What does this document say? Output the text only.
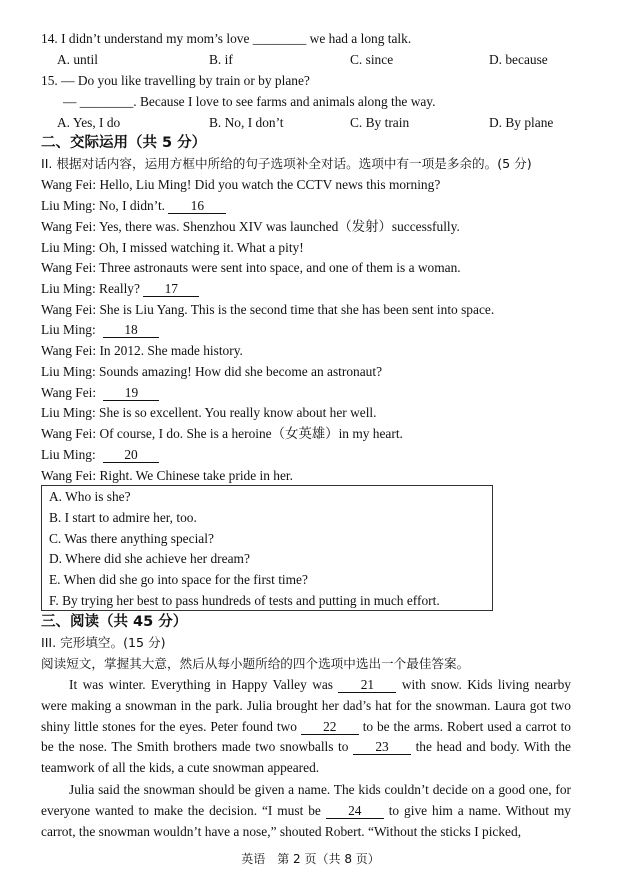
14. I didn’t understand my mom’s love ________ we had a long talk.
A. until	B. if	C. since	D. because
15. — Do you like travelling by train or by plane?
— ________. Because I love to see farms and animals along the way.
A. Yes, I do	B. No, I don’t	C. By train	D. By plane
二、交际运用（共 5 分）
II. 根据对话内容，运用方框中所给的句子选项补全对话。选项中有一项是多余的。(5 分)
Wang Fei: Hello, Liu Ming! Did you watch the CCTV news this morning?
Liu Ming: No, I didn’t. 16
Wang Fei: Yes, there was. Shenzhou XIV was launched（发射）successfully.
Liu Ming: Oh, I missed watching it. What a pity!
Wang Fei: Three astronauts were sent into space, and one of them is a woman.
Liu Ming: Really? 17
Wang Fei: She is Liu Yang. This is the second time that she has been sent into space.
Liu Ming: 18
Wang Fei: In 2012. She made history.
Liu Ming: Sounds amazing! How did she become an astronaut?
Wang Fei: 19
Liu Ming: She is so excellent. You really know about her well.
Wang Fei: Of course, I do. She is a heroine（女英雄）in my heart.
Liu Ming: 20
Wang Fei: Right. We Chinese take pride in her.
A. Who is she?
B. I start to admire her, too.
C. Was there anything special?
D. Where did she achieve her dream?
E. When did she go into space for the first time?
F. By trying her best to pass hundreds of tests and putting in much effort.
三、阅读（共 45 分）
III. 完形填空。(15 分)
阅读短文，掌握其大意，然后从每小题所给的四个选项中选出一个最佳答案。
It was winter. Everything in Happy Valley was 21 with snow. Kids living nearby were making a snowman in the park. Julia brought her dad’s hat for the snowman. Laura got two shiny little stones for the eyes. Peter found two 22 to be the arms. Robert used a carrot to be the nose. The Smith brothers made two snowballs to 23 the head and body. With the teamwork of all the kids, a cute snowman appeared.
Julia said the snowman should be given a name. The kids couldn’t decide on a good one, for everyone wanted to make the decision. “I must be 24 to give him a name. Without my carrot, the snowman wouldn’t have a nose,” shouted Robert. “Without the sticks I picked,
英语　第 2 页（共 8 页）
